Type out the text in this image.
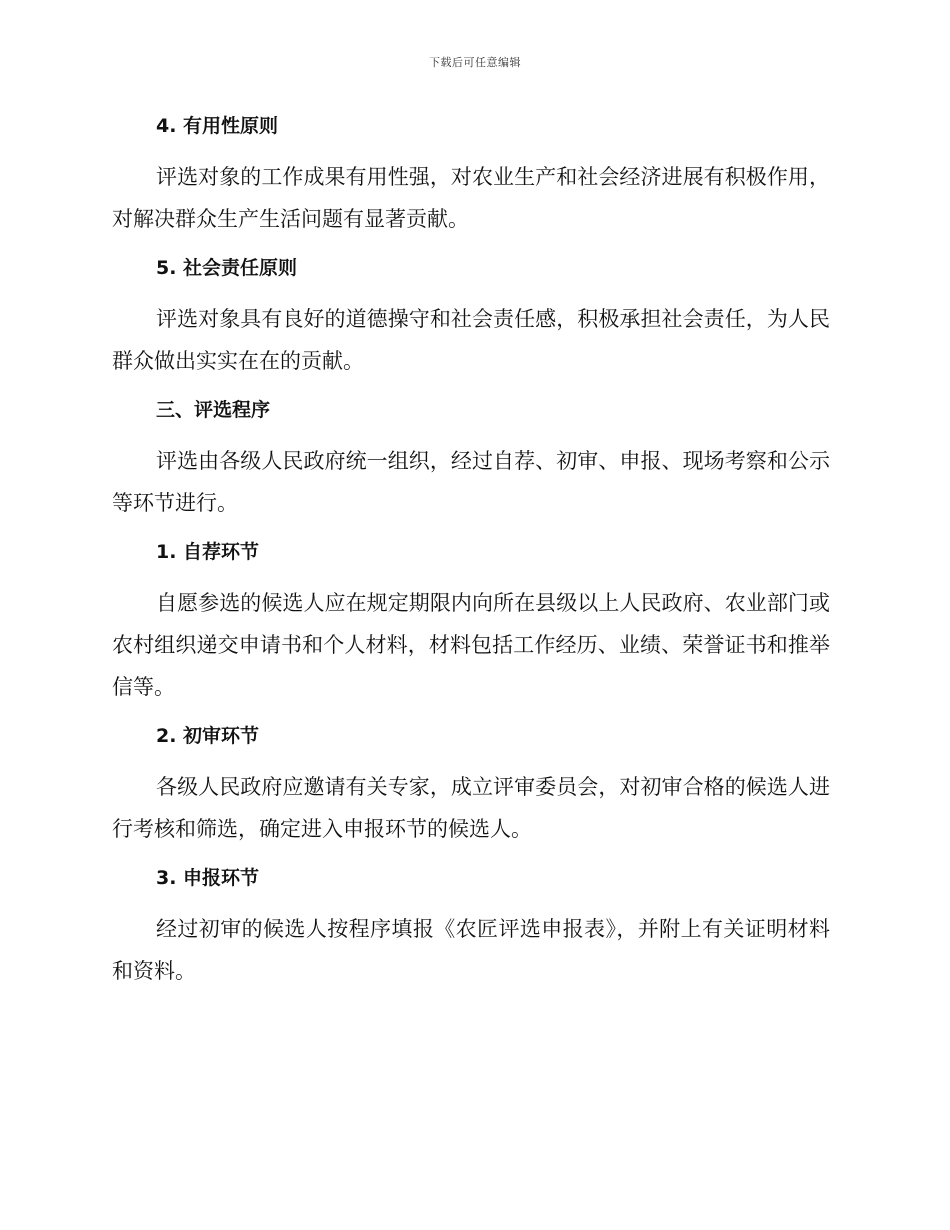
下载后可任意编辑
4. 有用性原则
评选对象的工作成果有用性强，对农业生产和社会经济进展有积极作用，对解决群众生产生活问题有显著贡献。
5. 社会责任原则
评选对象具有良好的道德操守和社会责任感，积极承担社会责任，为人民群众做出实实在在的贡献。
三、评选程序
评选由各级人民政府统一组织，经过自荐、初审、申报、现场考察和公示等环节进行。
1. 自荐环节
自愿参选的候选人应在规定期限内向所在县级以上人民政府、农业部门或农村组织递交申请书和个人材料，材料包括工作经历、业绩、荣誉证书和推举信等。
2. 初审环节
各级人民政府应邀请有关专家，成立评审委员会，对初审合格的候选人进行考核和筛选，确定进入申报环节的候选人。
3. 申报环节
经过初审的候选人按程序填报《农匠评选申报表》，并附上有关证明材料和资料。
